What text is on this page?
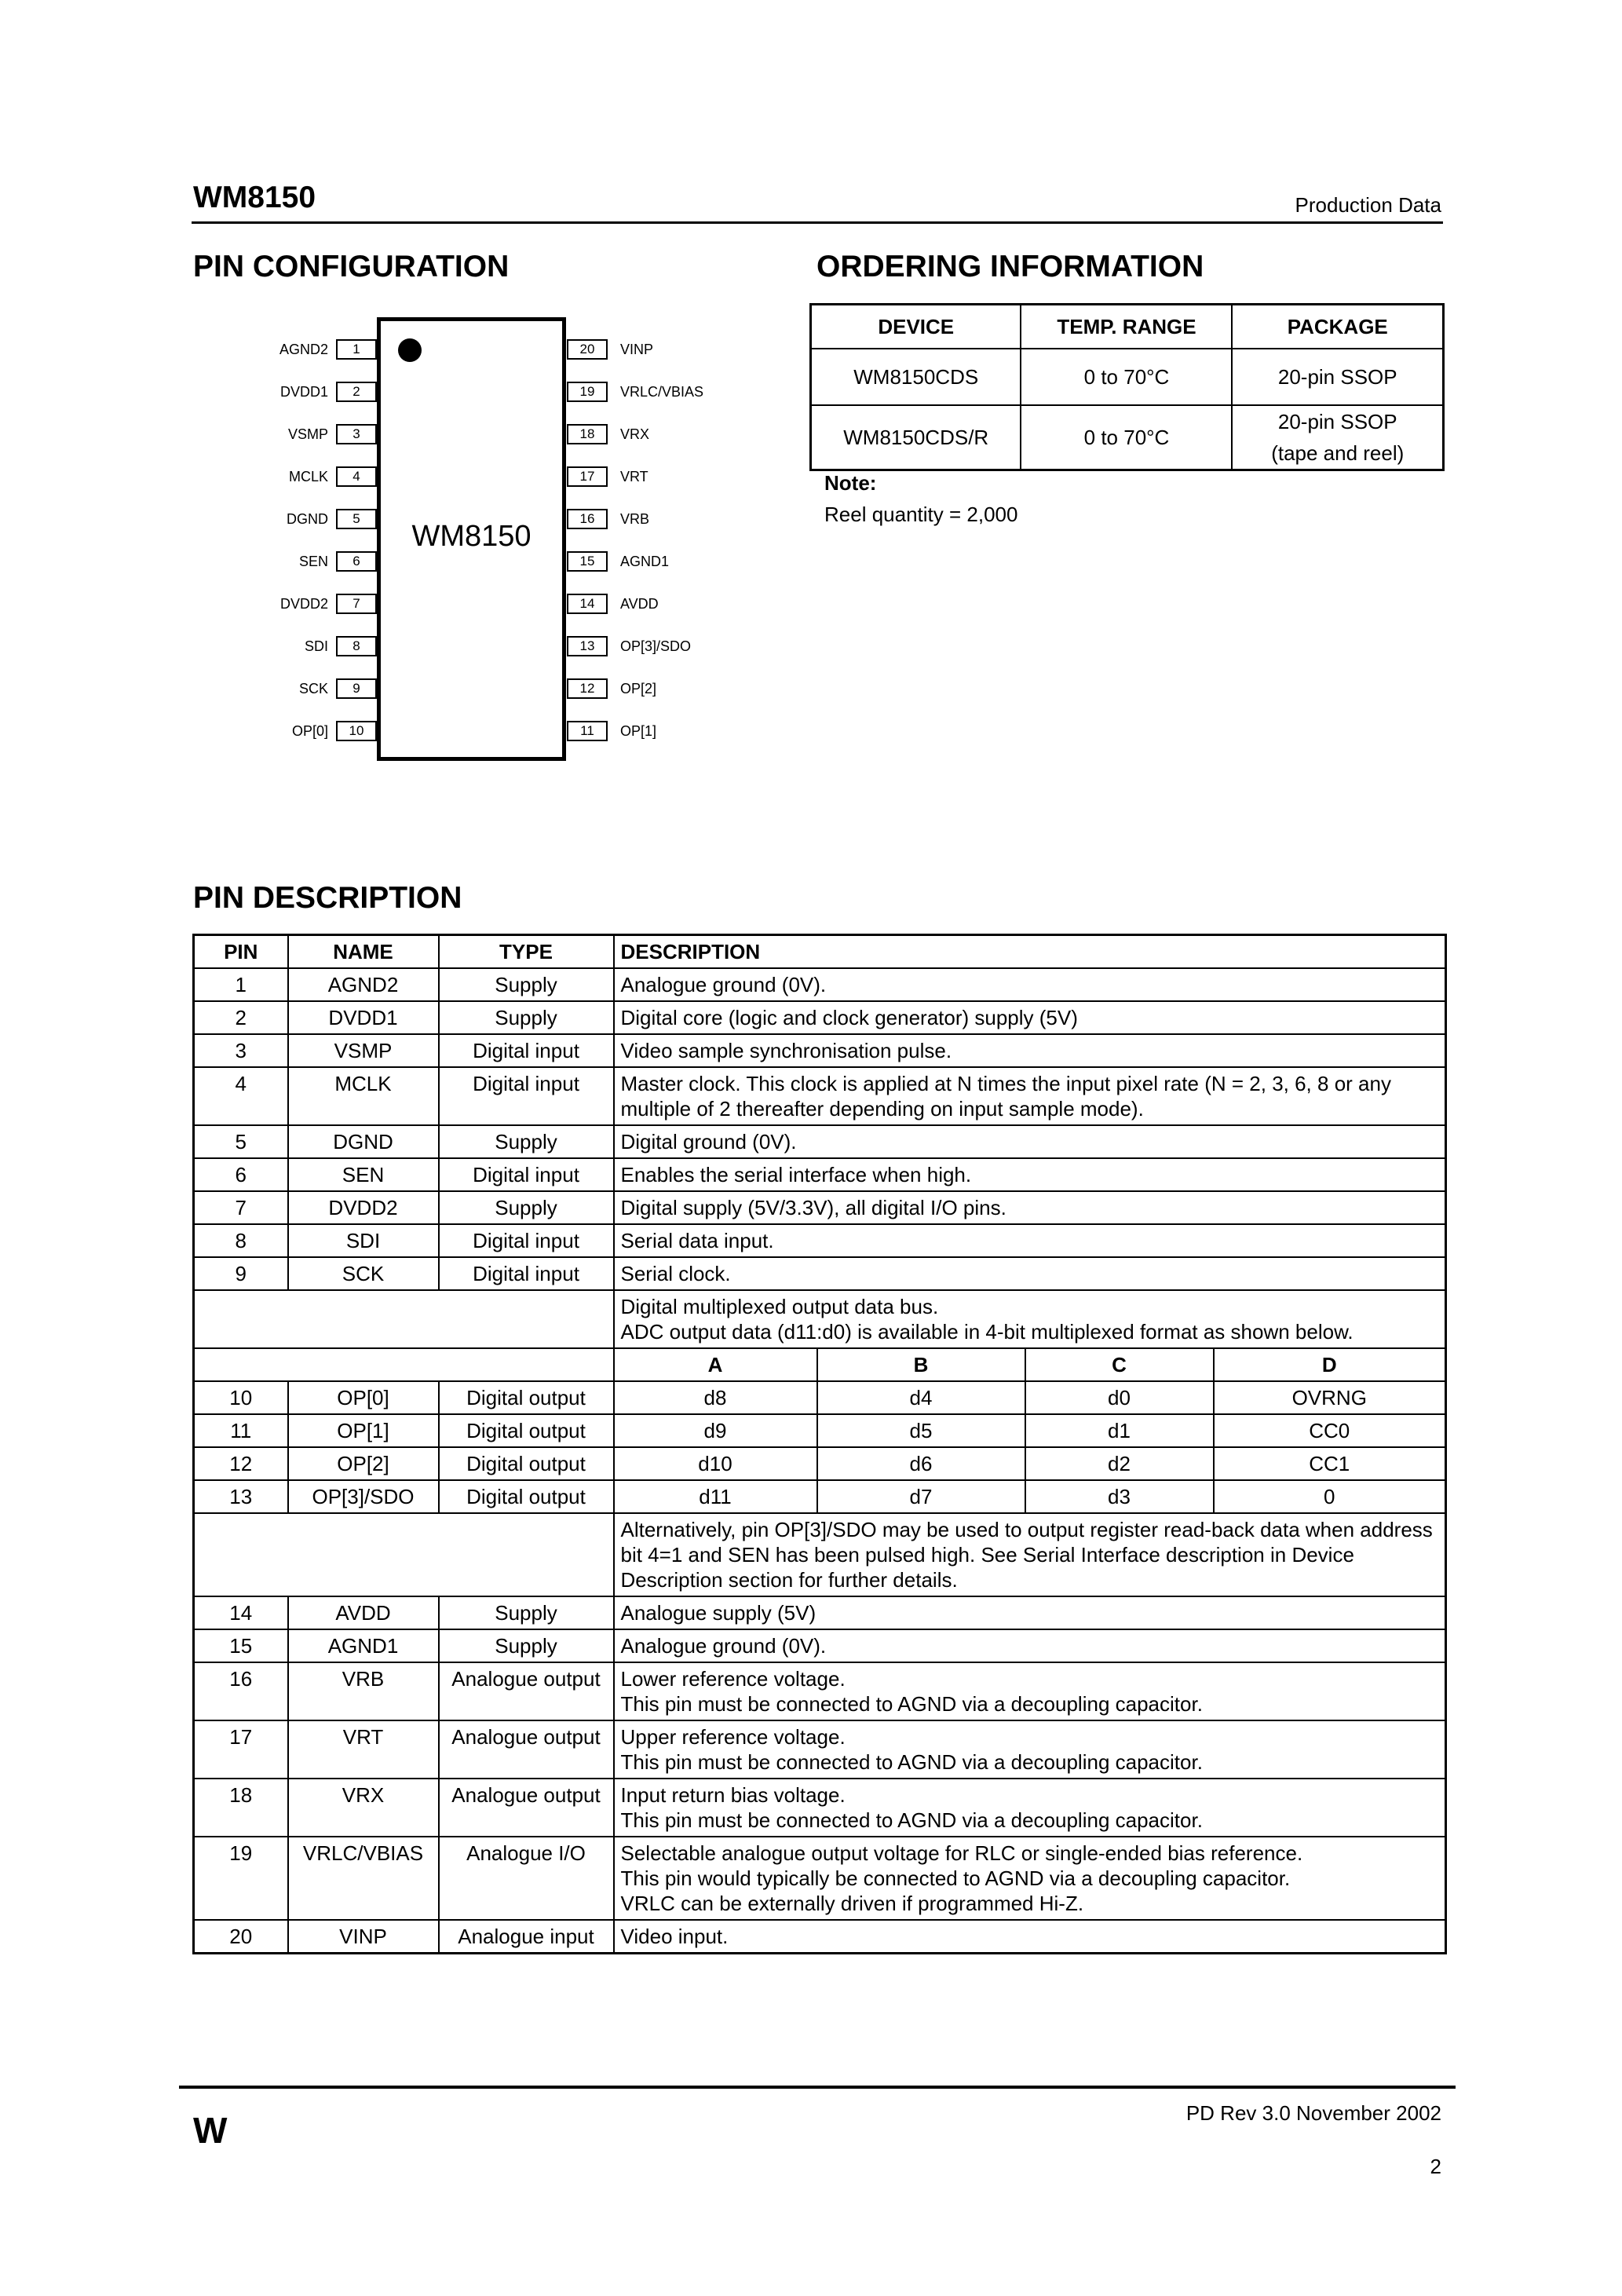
WM8150	Production Data
PIN CONFIGURATION	ORDERING INFORMATION
WM8150
1
AGND2
2
DVDD1
3
VSMP
4
MCLK
5
DGND
6
SEN
7
DVDD2
8
SDI
9
SCK
10
OP[0]
20	VINP
19	VRLC/VBIAS
18	VRX
17	VRT
16	VRB
15	AGND1
14	AVDD
13	OP[3]/SDO
12	OP[2]
11	OP[1]
DEVICE	TEMP. RANGE	PACKAGE
WM8150CDS	0 to 70°C	20-pin SSOP
WM8150CDS/R	0 to 70°C	20-pin SSOP
(tape and reel)
Note:
Reel quantity = 2,000
PIN DESCRIPTION
PIN	NAME	TYPE	DESCRIPTION			
1	AGND2	Supply	Analogue ground (0V).			

2	DVDD1	Supply	Digital core (logic and clock generator) supply (5V)			

3	VSMP	Digital input	Video sample synchronisation pulse.			

4	MCLK	Digital input	Master clock. This clock is applied at N times the input pixel rate (N = 2, 3, 6, 8 or any multiple of 2 thereafter depending on input sample mode).			

5	DGND	Supply	Digital ground (0V).			

6	SEN	Digital input	Enables the serial interface when high.			

7	DVDD2	Supply	Digital supply (5V/3.3V), all digital I/O pins.			

8	SDI	Digital input	Serial data input.			

9	SCK	Digital input	Serial clock.			

			Digital multiplexed output data bus.
ADC output data (d11:d0) is available in 4-bit multiplexed format as shown below.			

			A	B	C	D
10	OP[0]	Digital output	d8	d4	d0	OVRNG
11	OP[1]	Digital output	d9	d5	d1	CC0
12	OP[2]	Digital output	d10	d6	d2	CC1
13	OP[3]/SDO	Digital output	d11	d7	d3	0
			Alternatively, pin OP[3]/SDO may be used to output register read-back data when address bit 4=1 and SEN has been pulsed high. See Serial Interface description in Device Description section for further details.			
14	AVDD	Supply	Analogue supply (5V)			

15	AGND1	Supply	Analogue ground (0V).			

16	VRB	Analogue output	Lower reference voltage.
This pin must be connected to AGND via a decoupling capacitor.			

17	VRT	Analogue output	Upper reference voltage.
This pin must be connected to AGND via a decoupling capacitor.			

18	VRX	Analogue output	Input return bias voltage.
This pin must be connected to AGND via a decoupling capacitor.			

19	VRLC/VBIAS	Analogue I/O	Selectable analogue output voltage for RLC or single-ended bias reference.
This pin would typically be connected to AGND via a decoupling capacitor.
VRLC can be externally driven if programmed Hi-Z.			

20	VINP	Analogue input	Video input.			
W	PD Rev 3.0 November 2002
2
